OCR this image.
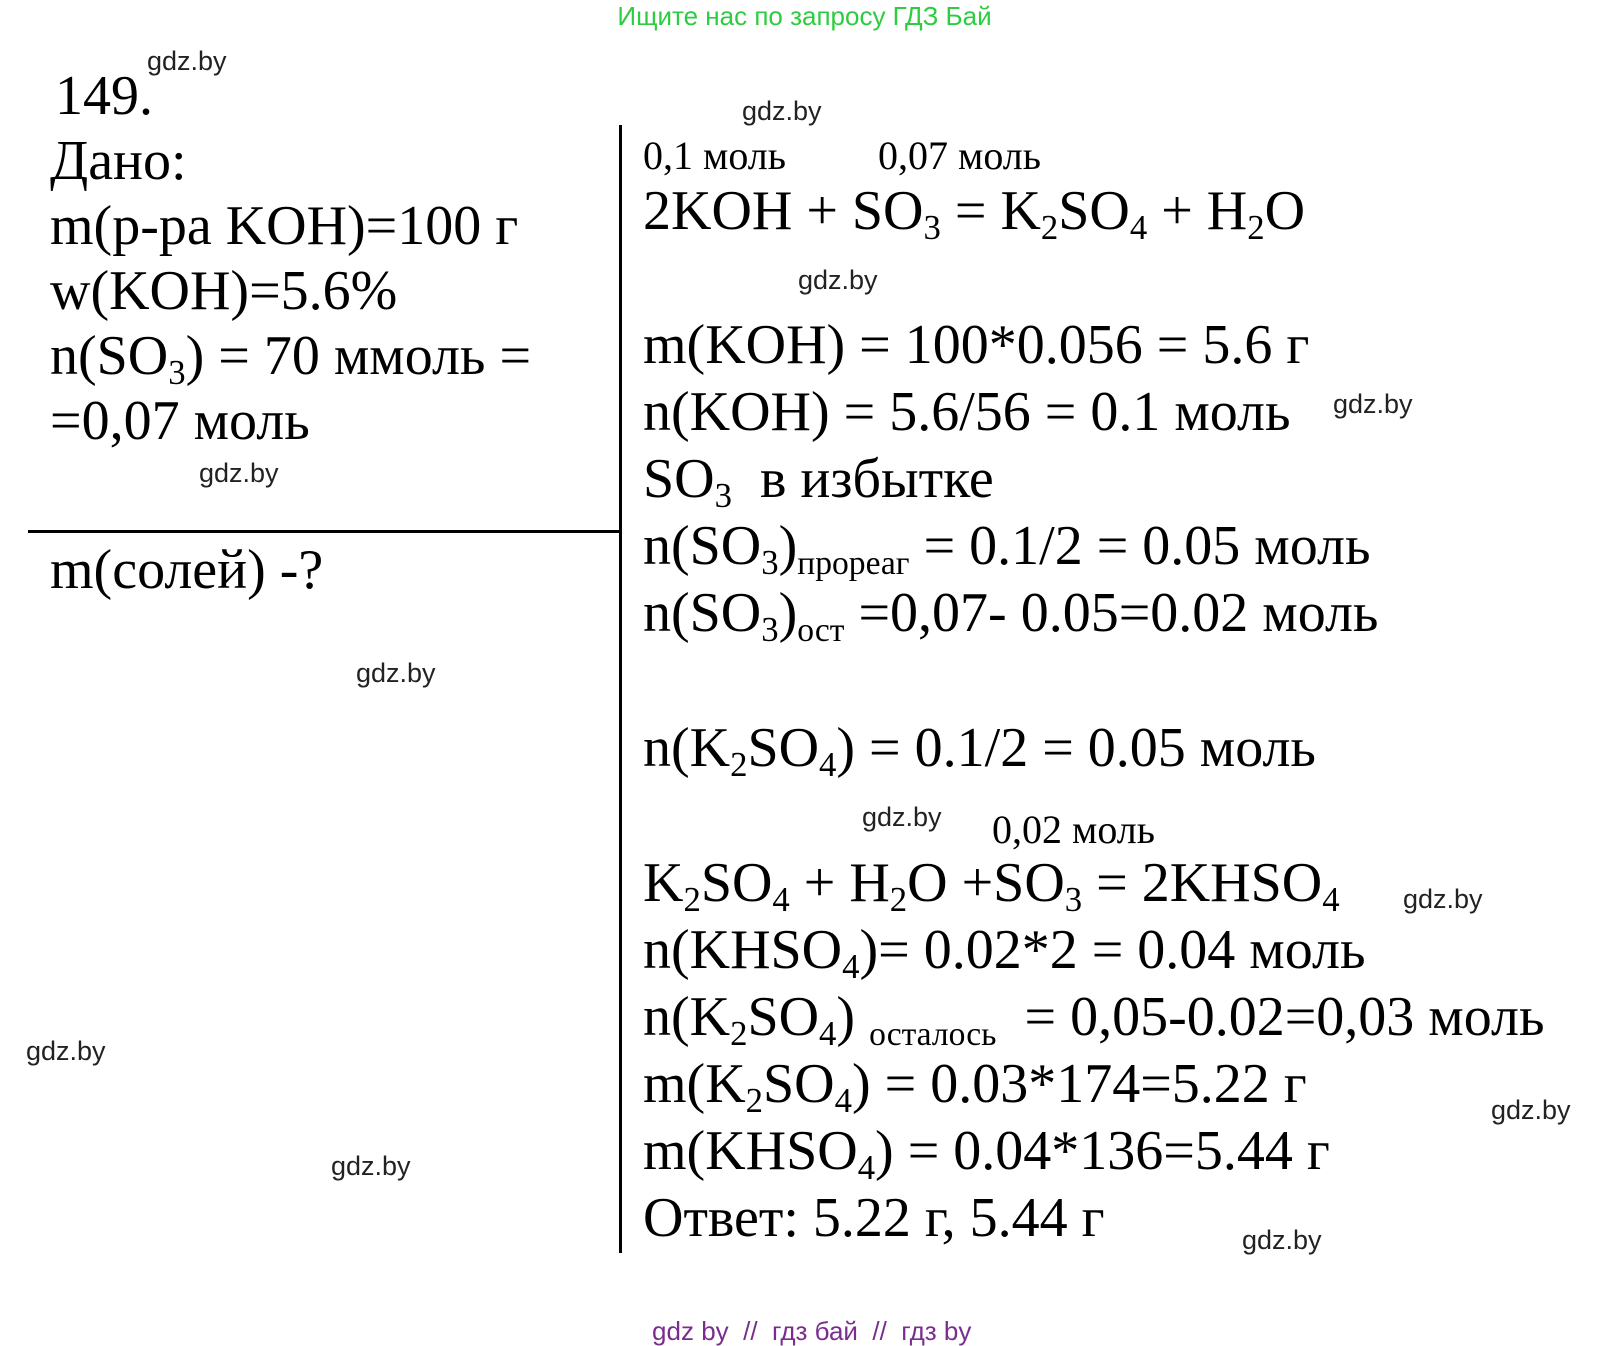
Ищите нас по запросу ГДЗ Бай
149.
Дано:
m(р-ра KOH)=100 г
w(KOH)=5.6%
n(SO3) = 70 ммоль =
=0,07 моль
m(солей) -?
0,1 моль 0,07 моль
2KOH + SO3 = K2SO4 + H2O
m(KOH) = 100*0.056 = 5.6 г
n(KOH) = 5.6/56 = 0.1 моль
SO3  в избытке
n(SO3)прореаг = 0.1/2 = 0.05 моль
n(SO3)ост =0,07- 0.05=0.02 моль
n(K2SO4) = 0.1/2 = 0.05 моль
0,02 моль
K2SO4 + H2O +SO3 = 2KHSO4
n(KHSO4)= 0.02*2 = 0.04 моль
n(K2SO4) осталось  = 0,05-0.02=0,03 моль
m(K2SO4) = 0.03*174=5.22 г
m(KHSO4) = 0.04*136=5.44 г
Ответ: 5.22 г, 5.44 г
gdz.by
gdz.by
gdz.by
gdz.by
gdz.by
gdz.by
gdz.by
gdz.by
gdz.by
gdz.by
gdz.by
gdz.by

gdz by // гдз бай // гдз by
